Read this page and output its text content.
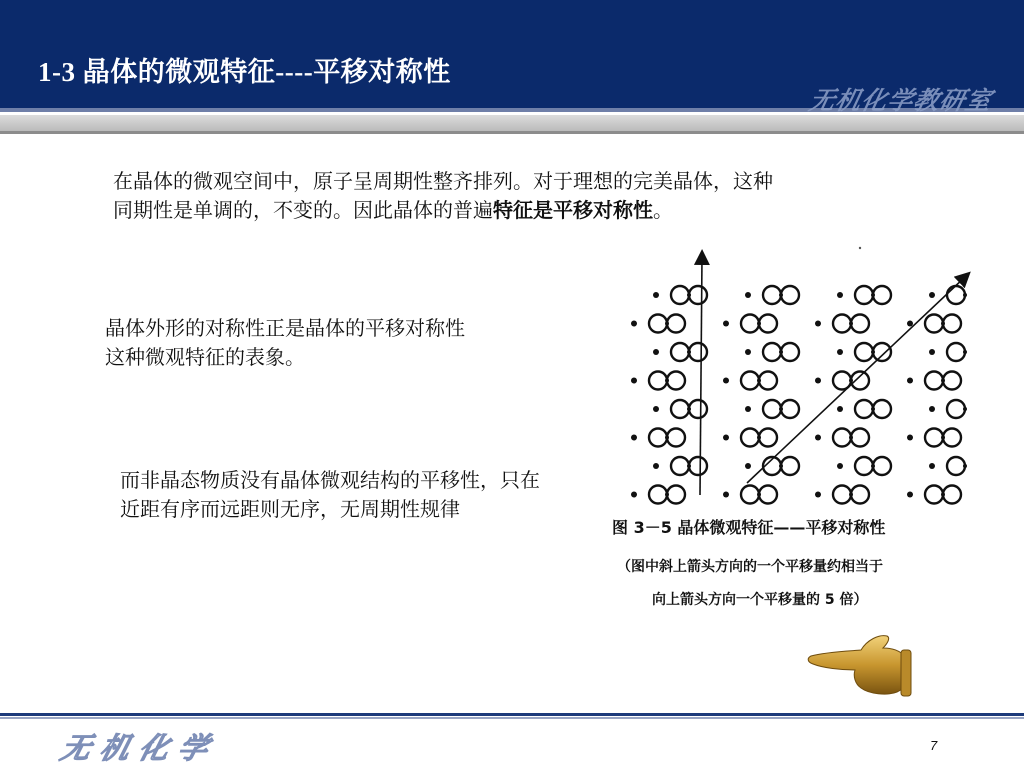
1-3 晶体的微观特征----平移对称性
无机化学教研室
在晶体的微观空间中，原子呈周期性整齐排列。对于理想的完美晶体，这种同期性是单调的，不变的。因此晶体的普遍特征是平移对称性。
晶体外形的对称性正是晶体的平移对称性这种微观特征的表象。
而非晶态物质没有晶体微观结构的平移性，只在近距有序而远距则无序，无周期性规律
图 3－5 晶体微观特征——平移对称性
（图中斜上箭头方向的一个平移量约相当于
向上箭头方向一个平移量的 5 倍）
无机化学	7
